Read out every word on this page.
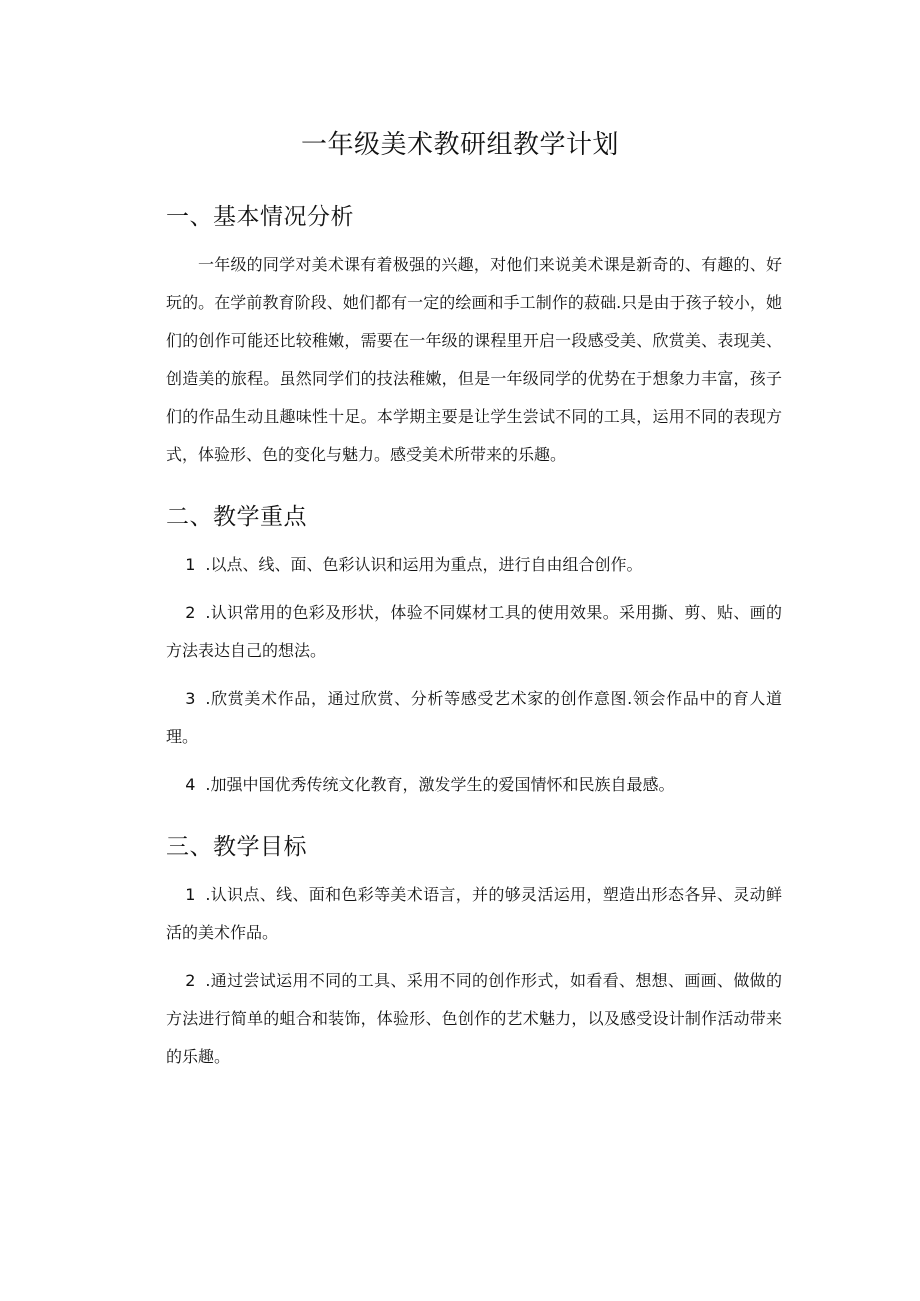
一年级美术教研组教学计划
一、基本情况分析

一年级的同学对美术课有着极强的兴趣，对他们来说美术课是新奇的、有趣的、好玩的。在学前教育阶段、她们都有一定的绘画和手工制作的菽础.只是由于孩子较小，她们的创作可能还比较稚嫩，需要在一年级的课程里开启一段感受美、欣赏美、表现美、创造美的旅程。虽然同学们的技法稚嫩，但是一年级同学的优势在于想象力丰富，孩子们的作品生动且趣味性十足。本学期主要是让学生尝试不同的工具，运用不同的表现方式，体验形、色的变化与魅力。感受美术所带来的乐趣。

二、教学重点

1 .以点、线、面、色彩认识和运用为重点，进行自由组合创作。

2 .认识常用的色彩及形状，体验不同媒材工具的使用效果。采用撕、剪、贴、画的方法表达自己的想法。

3 .欣赏美术作品，通过欣赏、分析等感受艺术家的创作意图.领会作品中的育人道理。

4 .加强中国优秀传统文化教育，激发学生的爱国情怀和民族自最感。

三、教学目标

1 .认识点、线、面和色彩等美术语言，并的够灵活运用，塑造出形态各异、灵动鲜活的美术作品。

2 .通过尝试运用不同的工具、采用不同的创作形式，如看看、想想、画画、做做的方法进行简单的蛆合和装饰，体验形、色创作的艺术魅力，以及感受设计制作活动带来的乐趣。
